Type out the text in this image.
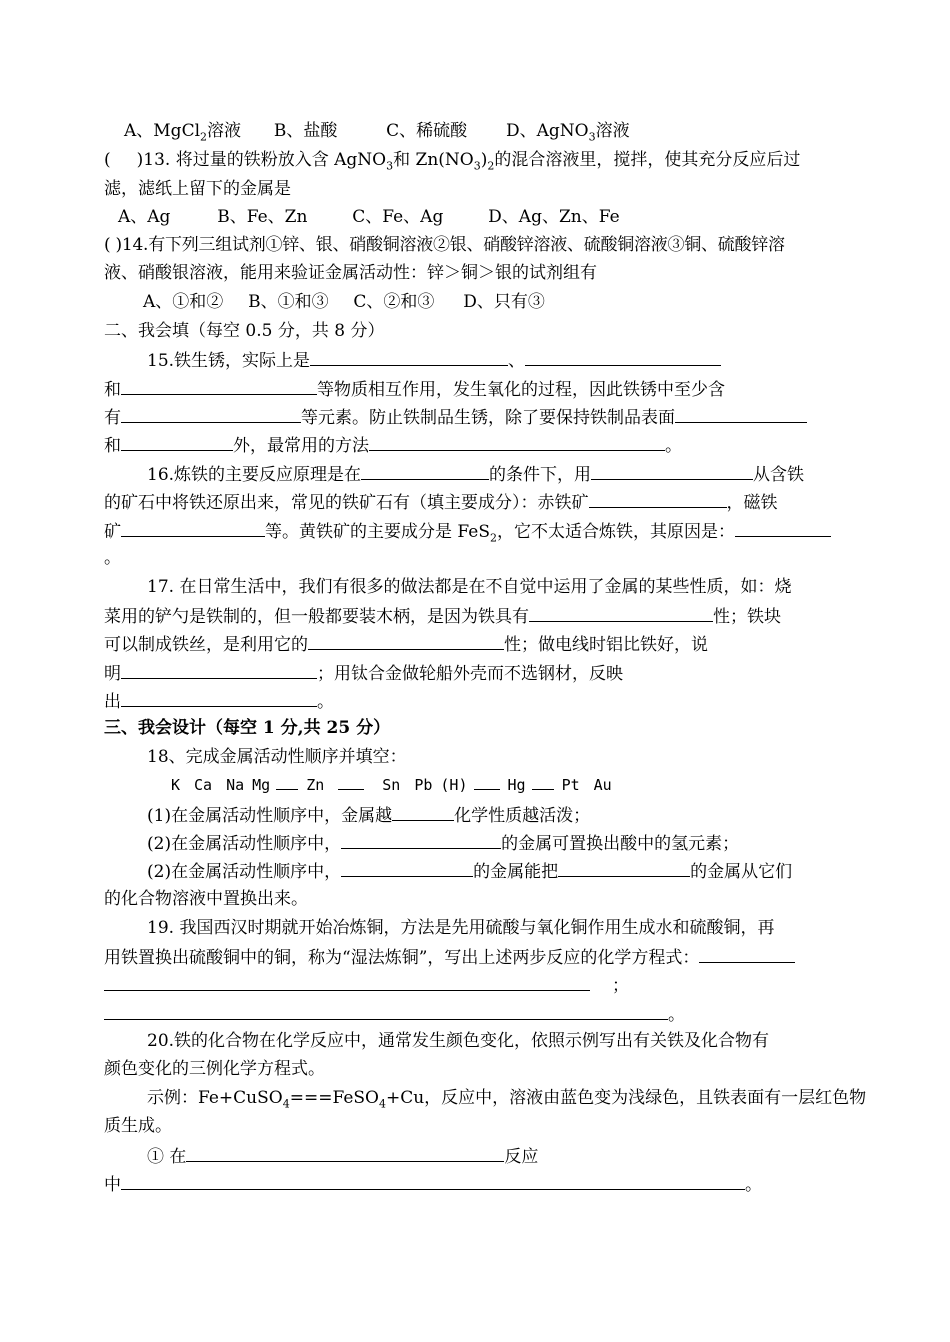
A、MgCl$_2$溶液 B、盐酸	C、稀硫酸 D、AgNO$_3$溶液
( )13. 将过量的铁粉放入含 AgNO$_3$和 $Zn(NO_3)_2$的混合溶液里，搅拌，使其充分反应后过
滤，滤纸上留下的金属是
A、Ag	B、Fe、Zn	C、Fe、Ag	D、Ag、Zn、Fe
( )14.有下列三组试剂①锌、银、硝酸铜溶液②银、硝酸锌溶液、硫酸铜溶液③铜、硫酸锌溶
液、硝酸银溶液，能用来验证金属活动性：锌＞铜＞银的试剂组有
A、①和② B、①和③ C、②和③ D、只有③
二、我会填（每空 0.5 分，共 8 分）
15.铁生锈，实际上是	、
和	等物质相互作用，发生氧化的过程，因此铁锈中至少含
有	等元素。防止铁制品生锈，除了要保持铁制品表面
和	外，最常用的方法	。
16.炼铁的主要反应原理是在	的条件下，用	从含铁
的矿石中将铁还原出来，常见的铁矿石有（填主要成分）：赤铁矿	，磁铁
矿	等。黄铁矿的主要成分是 FeS$_2$，它不太适合炼铁，其原因是：
。
17. 在日常生活中，我们有很多的做法都是在不自觉中运用了金属的某些性质，如：烧
菜用的铲勺是铁制的，但一般都要装木柄，是因为铁具有	性；铁块
可以制成铁丝，是利用它的	性；做电线时铝比铁好，说
明	；用钛合金做轮船外壳而不选钢材，反映
出	。
三、我会设计（每空 1 分,共 25 分）
18、完成金属活动性顺序并填空：
K Ca Na Mg Zn	Sn Pb (H)	Hg Pt Au
(1)在金属活动性顺序中，金属越	化学性质越活泼；
(2)在金属活动性顺序中，	的金属可置换出酸中的氢元素；
(2)在金属活动性顺序中，	的金属能把	的金属从它们
的化合物溶液中置换出来。
19. 我国西汉时期就开始冶炼铜，方法是先用硫酸与氧化铜作用生成水和硫酸铜，再
用铁置换出硫酸铜中的铜，称为“湿法炼铜”，写出上述两步反应的化学方程式：
；
。
20.铁的化合物在化学反应中，通常发生颜色变化，依照示例写出有关铁及化合物有
颜色变化的三例化学方程式。
示例：Fe+CuSO$_4$===FeSO$_4$+Cu，反应中，溶液由蓝色变为浅绿色，且铁表面有一层红色物
质生成。
① 在	反应
中	。
